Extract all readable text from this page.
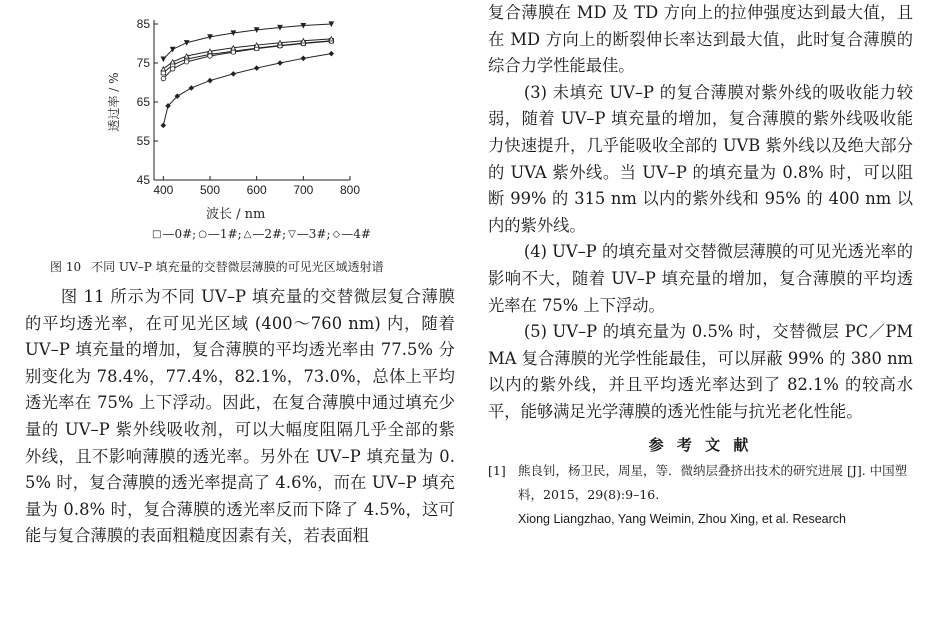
45
55
65
75
85
400 500 600 700 800
透过率 / %
波长 / nm
□ —0#; ○ —1#; △ —2#; ▽ —3#; ◇ —4#
图 10 不同 UV–P 填充量的交替微层薄膜的可见光区域透射谱

图 11 所示为不同 UV–P 填充量的交替微层复合薄膜的平均透光率，在可见光区域 (400～760 nm) 内，随着 UV–P 填充量的增加，复合薄膜的平均透光率由 77.5% 分别变化为 78.4%，77.4%，82.1%，73.0%，总体上平均透光率在 75% 上下浮动。因此，在复合薄膜中通过填充少量的 UV–P 紫外线吸收剂，可以大幅度阻隔几乎全部的紫外线，且不影响薄膜的透光率。另外在 UV–P 填充量为 0.5% 时，复合薄膜的透光率提高了 4.6%，而在 UV–P 填充量为 0.8% 时，复合薄膜的透光率反而下降了 4.5%，这可能与复合薄膜的表面粗糙度因素有关，若表面粗

复合薄膜在 MD 及 TD 方向上的拉伸强度达到最大值，且在 MD 方向上的断裂伸长率达到最大值，此时复合薄膜的综合力学性能最佳。

(3) 未填充 UV–P 的复合薄膜对紫外线的吸收能力较弱，随着 UV–P 填充量的增加，复合薄膜的紫外线吸收能力快速提升，几乎能吸收全部的 UVB 紫外线以及绝大部分的 UVA 紫外线。当 UV–P 的填充量为 0.8% 时，可以阻断 99% 的 315 nm 以内的紫外线和 95% 的 400 nm 以内的紫外线。

(4) UV–P 的填充量对交替微层薄膜的可见光透光率的影响不大，随着 UV–P 填充量的增加，复合薄膜的平均透光率在 75% 上下浮动。

(5) UV–P 的填充量为 0.5% 时，交替微层 PC／PMMA 复合薄膜的光学性能最佳，可以屏蔽 99% 的 380 nm 以内的紫外线，并且平均透光率达到了 82.1% 的较高水平，能够满足光学薄膜的透光性能与抗光老化性能。

参 考 文 献
[1] 熊良钊，杨卫民，周星，等．微纳层叠挤出技术的研究进展 [J]. 中国塑料，2015，29(8):9–16.
Xiong Liangzhao, Yang Weimin, Zhou Xing, et al. Research
